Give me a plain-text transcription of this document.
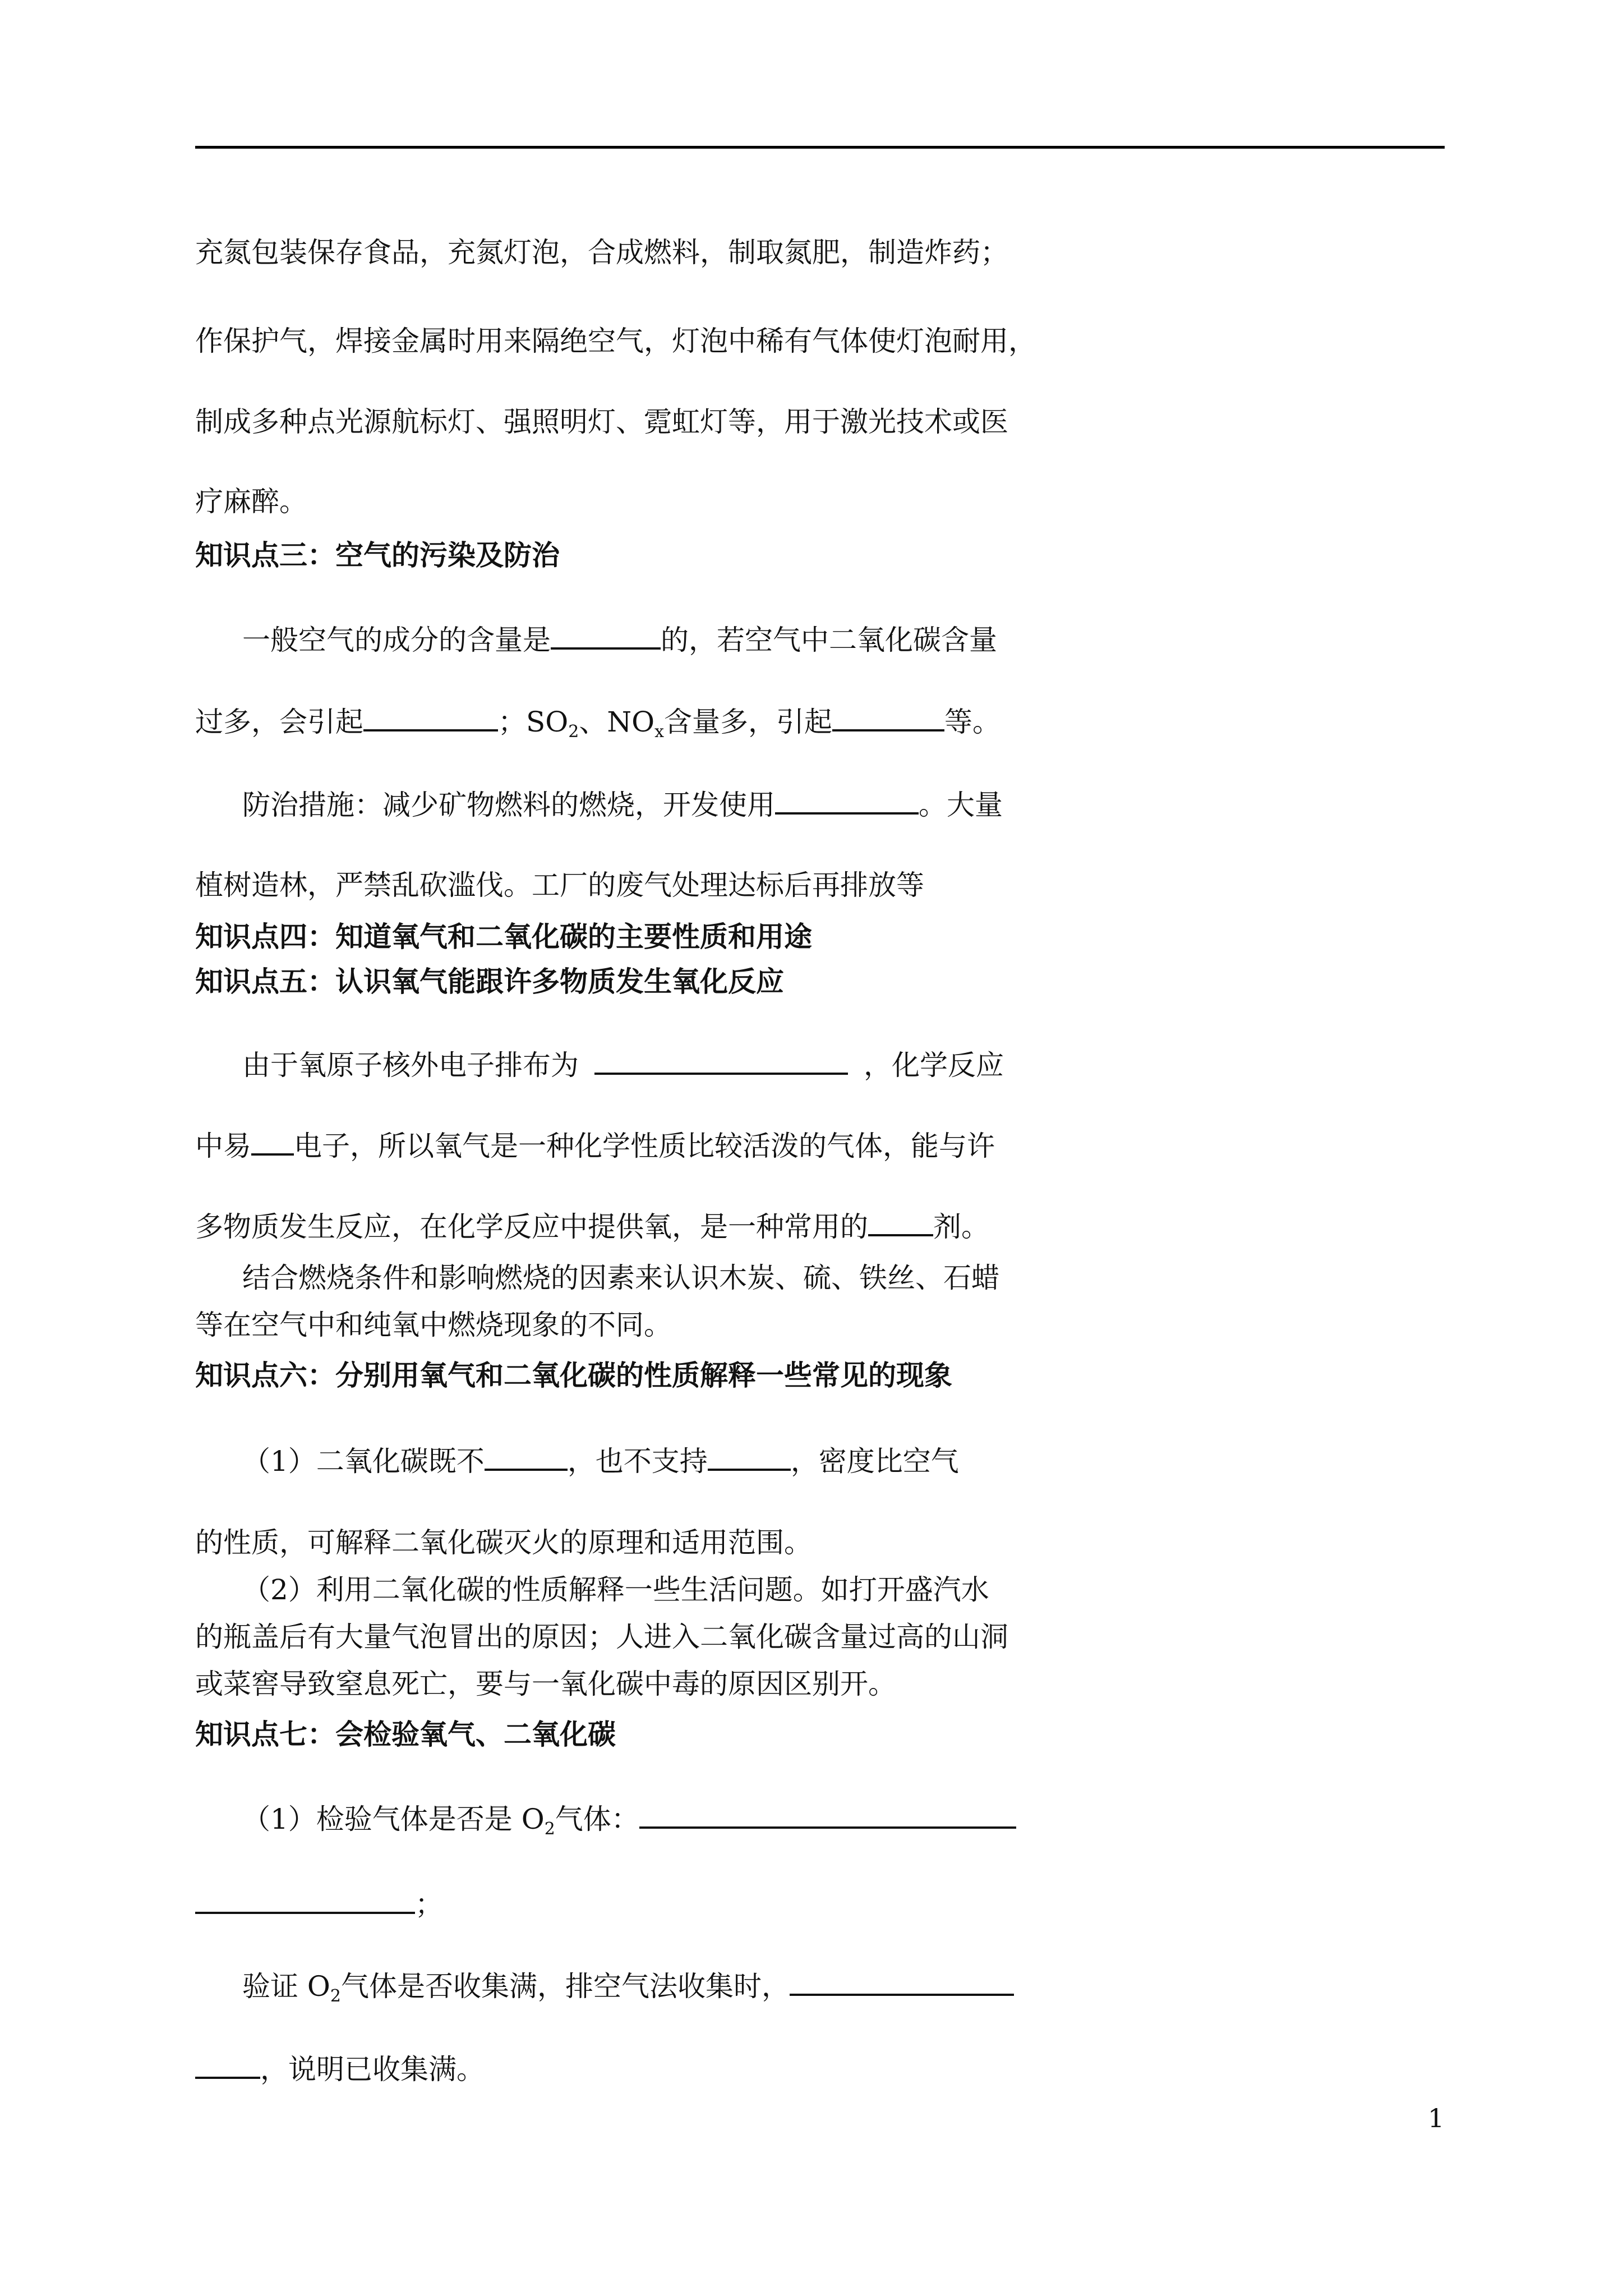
充氮包装保存食品，充氮灯泡，合成燃料，制取氮肥，制造炸药；

作保护气，焊接金属时用来隔绝空气，灯泡中稀有气体使灯泡耐用，

制成多种点光源航标灯、强照明灯、霓虹灯等，用于激光技术或医

疗麻醉。

知识点三：空气的污染及防治

一般空气的成分的含量是	的，若空气中二氧化碳含量

过多，会引起	；$SO_2$、$NO_x$含量多，引起	等。

防治措施：减少矿物燃料的燃烧，开发使用	。大量

植树造林，严禁乱砍滥伐。工厂的废气处理达标后再排放等

知识点四：知道氧气和二氧化碳的主要性质和用途

知识点五：认识氧气能跟许多物质发生氧化反应

由于氧原子核外电子排布为	，化学反应

中易 电子，所以氧气是一种化学性质比较活泼的气体，能与许

多物质发生反应，在化学反应中提供氧，是一种常用的 剂。

结合燃烧条件和影响燃烧的因素来认识木炭、硫、铁丝、石蜡

等在空气中和纯氧中燃烧现象的不同。

知识点六：分别用氧气和二氧化碳的性质解释一些常见的现象

（1）二氧化碳既不	，也不支持	，密度比空气

的性质，可解释二氧化碳灭火的原理和适用范围。

（2）利用二氧化碳的性质解释一些生活问题。如打开盛汽水

的瓶盖后有大量气泡冒出的原因；人进入二氧化碳含量过高的山洞

或菜窖导致窒息死亡，要与一氧化碳中毒的原因区别开。

知识点七：会检验氧气、二氧化碳

（1）检验气体是否是 $O_2$气体：

；

验证 $O_2$气体是否收集满，排空气法收集时，

，说明已收集满。

1
